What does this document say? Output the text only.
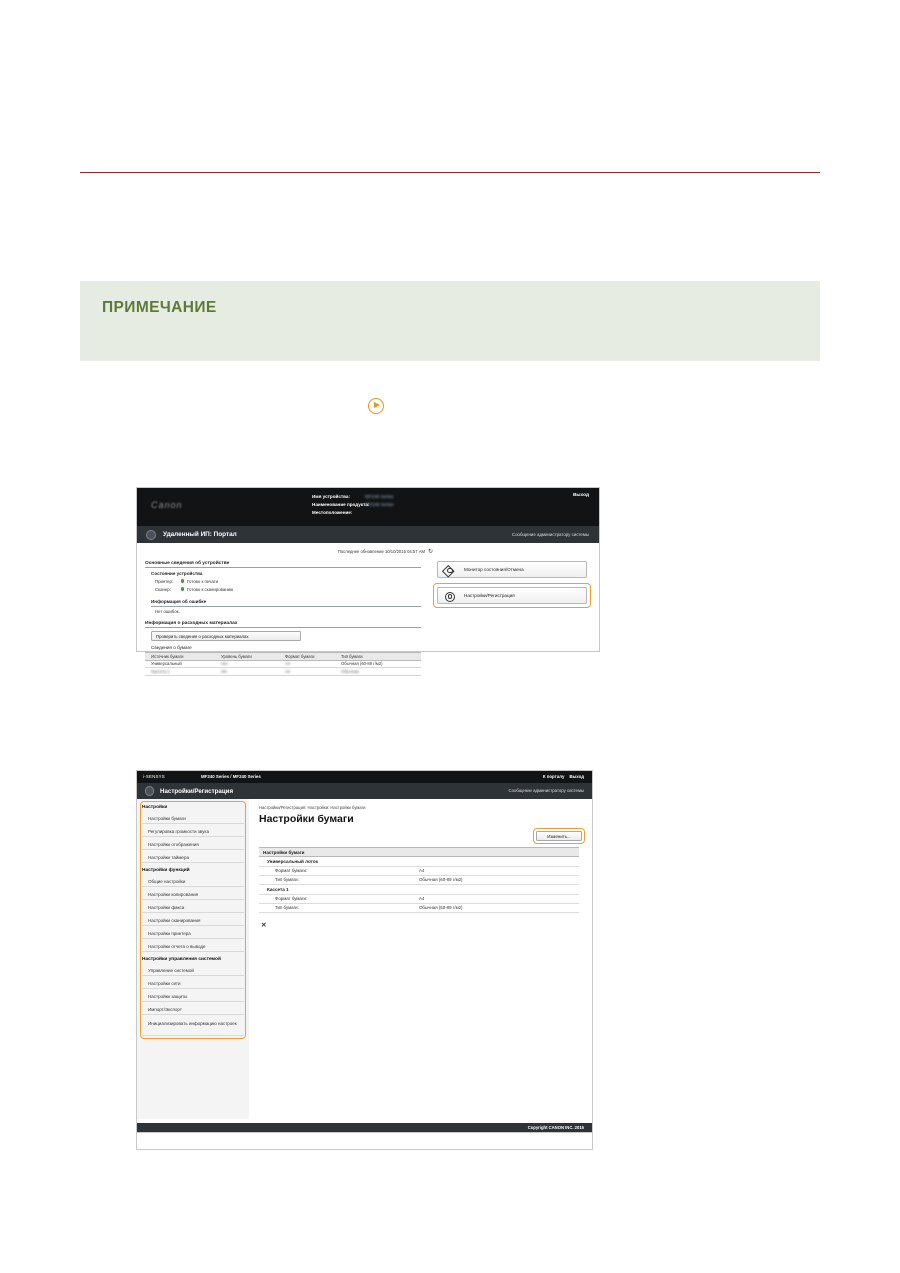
ПРИМЕЧАНИЕ
Canon
Имя устройства:
Наименование продукта:
Местоположение:
MF240 Series
MF249 Series
Выход
Удаленный ИП: Портал	Сообщение администратору системы
Последнее обновление 10/10/2015 04:57 AM ↻
Основные сведения об устройстве
Состояние устройства
Принтер:	Готово к печати
Сканер:	Готово к сканированию
Информация об ошибке
Нет ошибок.
Информация о расходных материалах
Проверить сведения о расходных материалах
Сведения о бумаге
Источник бумаги	Уровень бумаги	Формат бумаги	Тип бумаги
Универсальный	Нет	A4	Обычная (60-89 г/м2)
Кассета 1	OK	A4	Обычная
Монитор состояния/Отмена
Настройки/Регистрация
i-SENSYS	MF240 Series / MF240 Series	К порталу Выход
Настройки/Регистрация	Сообщение администратору системы
Настройки
Настройки бумаги
Регулировка громкости звука
Настройки отображения
Настройки таймера
Настройки функций
Общие настройки
Настройки копирования
Настройки факса
Настройки сканирования
Настройки принтера
Настройки отчета о выводе
Настройки управления системой
Управление системой
Настройки сети
Настройки защиты
Импорт/Экспорт
Инициализировать информацию настроек
Настройки/Регистрация: Настройки: Настройки бумаги
Настройки бумаги
Изменить...
Настройки бумаги
Универсальный лоток
Формат бумаги:	A4
Тип бумаги:	Обычная (60-89 г/м2)
Кассета 1
Формат бумаги:	A4
Тип бумаги:	Обычная (60-89 г/м2)
✕
Copyright CANON INC. 2015
